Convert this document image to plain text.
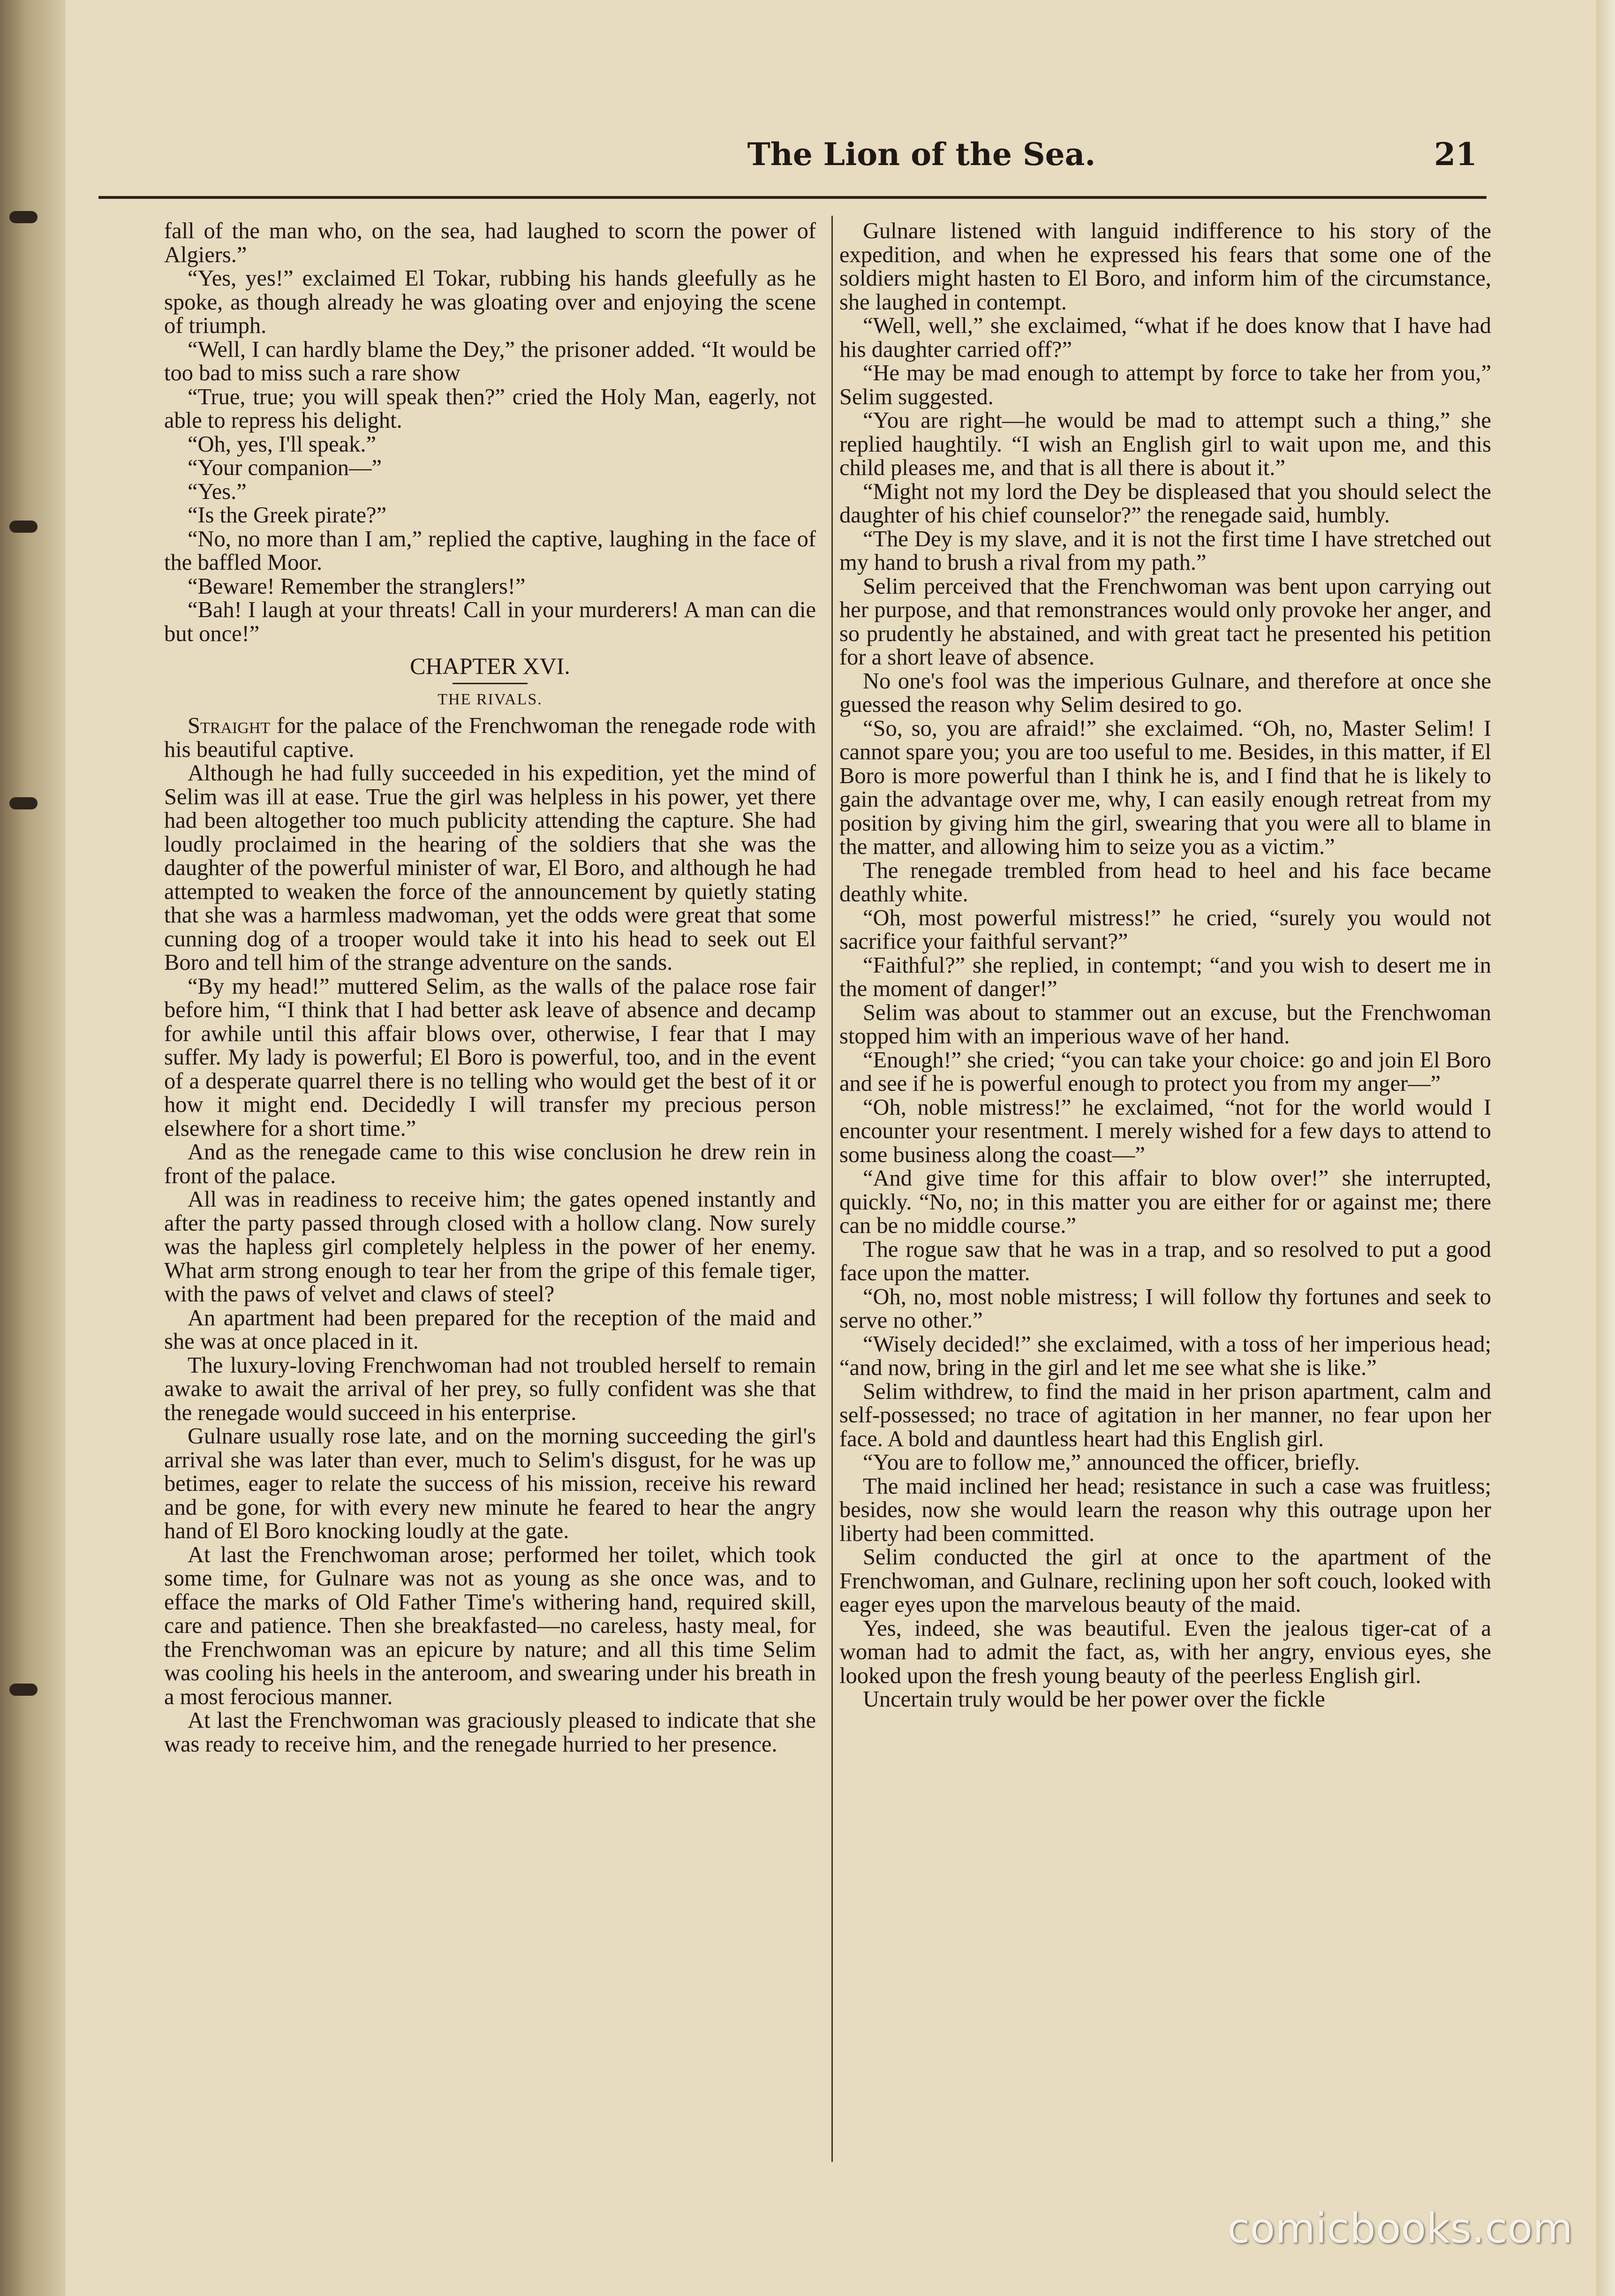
The Lion of the Sea.	21

fall of the man who, on the sea, had laughed to scorn the power of Algiers.”

“Yes, yes!” exclaimed El Tokar, rubbing his hands gleefully as he spoke, as though already he was gloating over and enjoying the scene of triumph.

“Well, I can hardly blame the Dey,” the prisoner added. “It would be too bad to miss such a rare show

“True, true; you will speak then?” cried the Holy Man, eagerly, not able to repress his delight.

“Oh, yes, I'll speak.”

“Your companion—”

“Yes.”

“Is the Greek pirate?”

“No, no more than I am,” replied the captive, laughing in the face of the baffled Moor.

“Beware! Remember the stranglers!”

“Bah! I laugh at your threats! Call in your murderers! A man can die but once!”

CHAPTER XVI.
THE RIVALS.

Straight for the palace of the Frenchwoman the renegade rode with his beautiful captive.

Although he had fully succeeded in his expedition, yet the mind of Selim was ill at ease. True the girl was helpless in his power, yet there had been altogether too much publicity attending the capture. She had loudly proclaimed in the hearing of the soldiers that she was the daughter of the powerful minister of war, El Boro, and although he had attempted to weaken the force of the announcement by quietly stating that she was a harmless madwoman, yet the odds were great that some cunning dog of a trooper would take it into his head to seek out El Boro and tell him of the strange adventure on the sands.

“By my head!” muttered Selim, as the walls of the palace rose fair before him, “I think that I had better ask leave of absence and decamp for awhile until this affair blows over, otherwise, I fear that I may suffer. My lady is powerful; El Boro is powerful, too, and in the event of a desperate quarrel there is no telling who would get the best of it or how it might end. Decidedly I will transfer my precious person elsewhere for a short time.”

And as the renegade came to this wise conclusion he drew rein in front of the palace.

All was in readiness to receive him; the gates opened instantly and after the party passed through closed with a hollow clang. Now surely was the hapless girl completely helpless in the power of her enemy. What arm strong enough to tear her from the gripe of this female tiger, with the paws of velvet and claws of steel?

An apartment had been prepared for the reception of the maid and she was at once placed in it.

The luxury-loving Frenchwoman had not troubled herself to remain awake to await the arrival of her prey, so fully confident was she that the renegade would succeed in his enterprise.

Gulnare usually rose late, and on the morning succeeding the girl's arrival she was later than ever, much to Selim's disgust, for he was up betimes, eager to relate the success of his mission, receive his reward and be gone, for with every new minute he feared to hear the angry hand of El Boro knocking loudly at the gate.

At last the Frenchwoman arose; performed her toilet, which took some time, for Gulnare was not as young as she once was, and to efface the marks of Old Father Time's withering hand, required skill, care and patience. Then she breakfasted—no careless, hasty meal, for the Frenchwoman was an epicure by nature; and all this time Selim was cooling his heels in the anteroom, and swearing under his breath in a most ferocious manner.

At last the Frenchwoman was graciously pleased to indicate that she was ready to receive him, and the renegade hurried to her presence.

Gulnare listened with languid indifference to his story of the expedition, and when he expressed his fears that some one of the soldiers might hasten to El Boro, and inform him of the circumstance, she laughed in contempt.

“Well, well,” she exclaimed, “what if he does know that I have had his daughter carried off?”

“He may be mad enough to attempt by force to take her from you,” Selim suggested.

“You are right—he would be mad to attempt such a thing,” she replied haughtily. “I wish an English girl to wait upon me, and this child pleases me, and that is all there is about it.”

“Might not my lord the Dey be displeased that you should select the daughter of his chief counselor?” the renegade said, humbly.

“The Dey is my slave, and it is not the first time I have stretched out my hand to brush a rival from my path.”

Selim perceived that the Frenchwoman was bent upon carrying out her purpose, and that remonstrances would only provoke her anger, and so prudently he abstained, and with great tact he presented his petition for a short leave of absence.

No one's fool was the imperious Gulnare, and therefore at once she guessed the reason why Selim desired to go.

“So, so, you are afraid!” she exclaimed. “Oh, no, Master Selim! I cannot spare you; you are too useful to me. Besides, in this matter, if El Boro is more powerful than I think he is, and I find that he is likely to gain the advantage over me, why, I can easily enough retreat from my position by giving him the girl, swearing that you were all to blame in the matter, and allowing him to seize you as a victim.”

The renegade trembled from head to heel and his face became deathly white.

“Oh, most powerful mistress!” he cried, “surely you would not sacrifice your faithful servant?”

“Faithful?” she replied, in contempt; “and you wish to desert me in the moment of danger!”

Selim was about to stammer out an excuse, but the Frenchwoman stopped him with an imperious wave of her hand.

“Enough!” she cried; “you can take your choice: go and join El Boro and see if he is powerful enough to protect you from my anger—”

“Oh, noble mistress!” he exclaimed, “not for the world would I encounter your resentment. I merely wished for a few days to attend to some business along the coast—”

“And give time for this affair to blow over!” she interrupted, quickly. “No, no; in this matter you are either for or against me; there can be no middle course.”

The rogue saw that he was in a trap, and so resolved to put a good face upon the matter.

“Oh, no, most noble mistress; I will follow thy fortunes and seek to serve no other.”

“Wisely decided!” she exclaimed, with a toss of her imperious head; “and now, bring in the girl and let me see what she is like.”

Selim withdrew, to find the maid in her prison apartment, calm and self-possessed; no trace of agitation in her manner, no fear upon her face. A bold and dauntless heart had this English girl.

“You are to follow me,” announced the officer, briefly.

The maid inclined her head; resistance in such a case was fruitless; besides, now she would learn the reason why this outrage upon her liberty had been committed.

Selim conducted the girl at once to the apartment of the Frenchwoman, and Gulnare, reclining upon her soft couch, looked with eager eyes upon the marvelous beauty of the maid.

Yes, indeed, she was beautiful. Even the jealous tiger-cat of a woman had to admit the fact, as, with her angry, envious eyes, she looked upon the fresh young beauty of the peerless English girl.

Uncertain truly would be her power over the fickle

comicbooks.com
